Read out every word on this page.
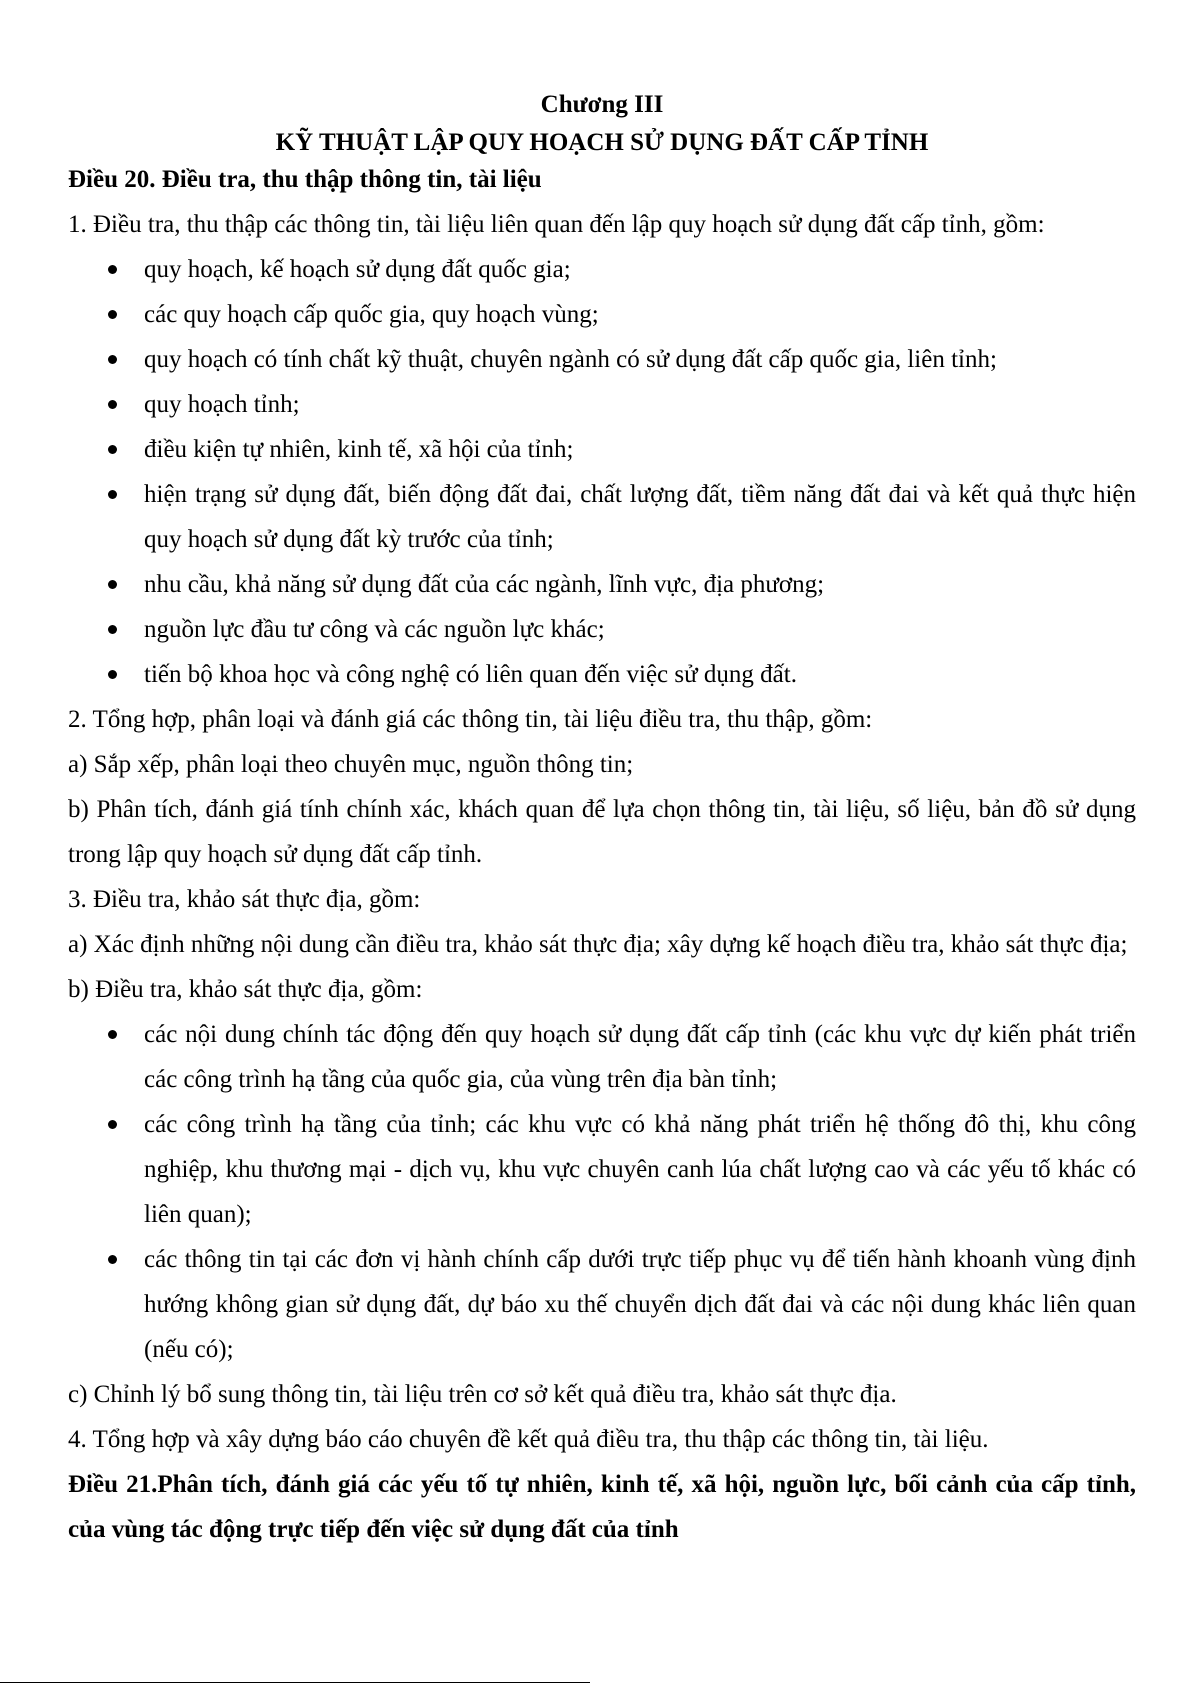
Chương III

KỸ THUẬT LẬP QUY HOẠCH SỬ DỤNG ĐẤT CẤP TỈNH

Điều 20. Điều tra, thu thập thông tin, tài liệu

1. Điều tra, thu thập các thông tin, tài liệu liên quan đến lập quy hoạch sử dụng đất cấp tỉnh, gồm:

quy hoạch, kế hoạch sử dụng đất quốc gia;
các quy hoạch cấp quốc gia, quy hoạch vùng;
quy hoạch có tính chất kỹ thuật, chuyên ngành có sử dụng đất cấp quốc gia, liên tỉnh;
quy hoạch tỉnh;
điều kiện tự nhiên, kinh tế, xã hội của tỉnh;
hiện trạng sử dụng đất, biến động đất đai, chất lượng đất, tiềm năng đất đai và kết quả thực hiện quy hoạch sử dụng đất kỳ trước của tỉnh;
nhu cầu, khả năng sử dụng đất của các ngành, lĩnh vực, địa phương;
nguồn lực đầu tư công và các nguồn lực khác;
tiến bộ khoa học và công nghệ có liên quan đến việc sử dụng đất.

2. Tổng hợp, phân loại và đánh giá các thông tin, tài liệu điều tra, thu thập, gồm:

a) Sắp xếp, phân loại theo chuyên mục, nguồn thông tin;

b) Phân tích, đánh giá tính chính xác, khách quan để lựa chọn thông tin, tài liệu, số liệu, bản đồ sử dụng trong lập quy hoạch sử dụng đất cấp tỉnh.

3. Điều tra, khảo sát thực địa, gồm:

a) Xác định những nội dung cần điều tra, khảo sát thực địa; xây dựng kế hoạch điều tra, khảo sát thực địa;

b) Điều tra, khảo sát thực địa, gồm:

các nội dung chính tác động đến quy hoạch sử dụng đất cấp tỉnh (các khu vực dự kiến phát triển các công trình hạ tầng của quốc gia, của vùng trên địa bàn tỉnh;
các công trình hạ tầng của tỉnh; các khu vực có khả năng phát triển hệ thống đô thị, khu công nghiệp, khu thương mại - dịch vụ, khu vực chuyên canh lúa chất lượng cao và các yếu tố khác có liên quan);
các thông tin tại các đơn vị hành chính cấp dưới trực tiếp phục vụ để tiến hành khoanh vùng định hướng không gian sử dụng đất, dự báo xu thế chuyển dịch đất đai và các nội dung khác liên quan (nếu có);

c) Chỉnh lý bổ sung thông tin, tài liệu trên cơ sở kết quả điều tra, khảo sát thực địa.

4. Tổng hợp và xây dựng báo cáo chuyên đề kết quả điều tra, thu thập các thông tin, tài liệu.

Điều 21.Phân tích, đánh giá các yếu tố tự nhiên, kinh tế, xã hội, nguồn lực, bối cảnh của cấp tỉnh, của vùng tác động trực tiếp đến việc sử dụng đất của tỉnh
